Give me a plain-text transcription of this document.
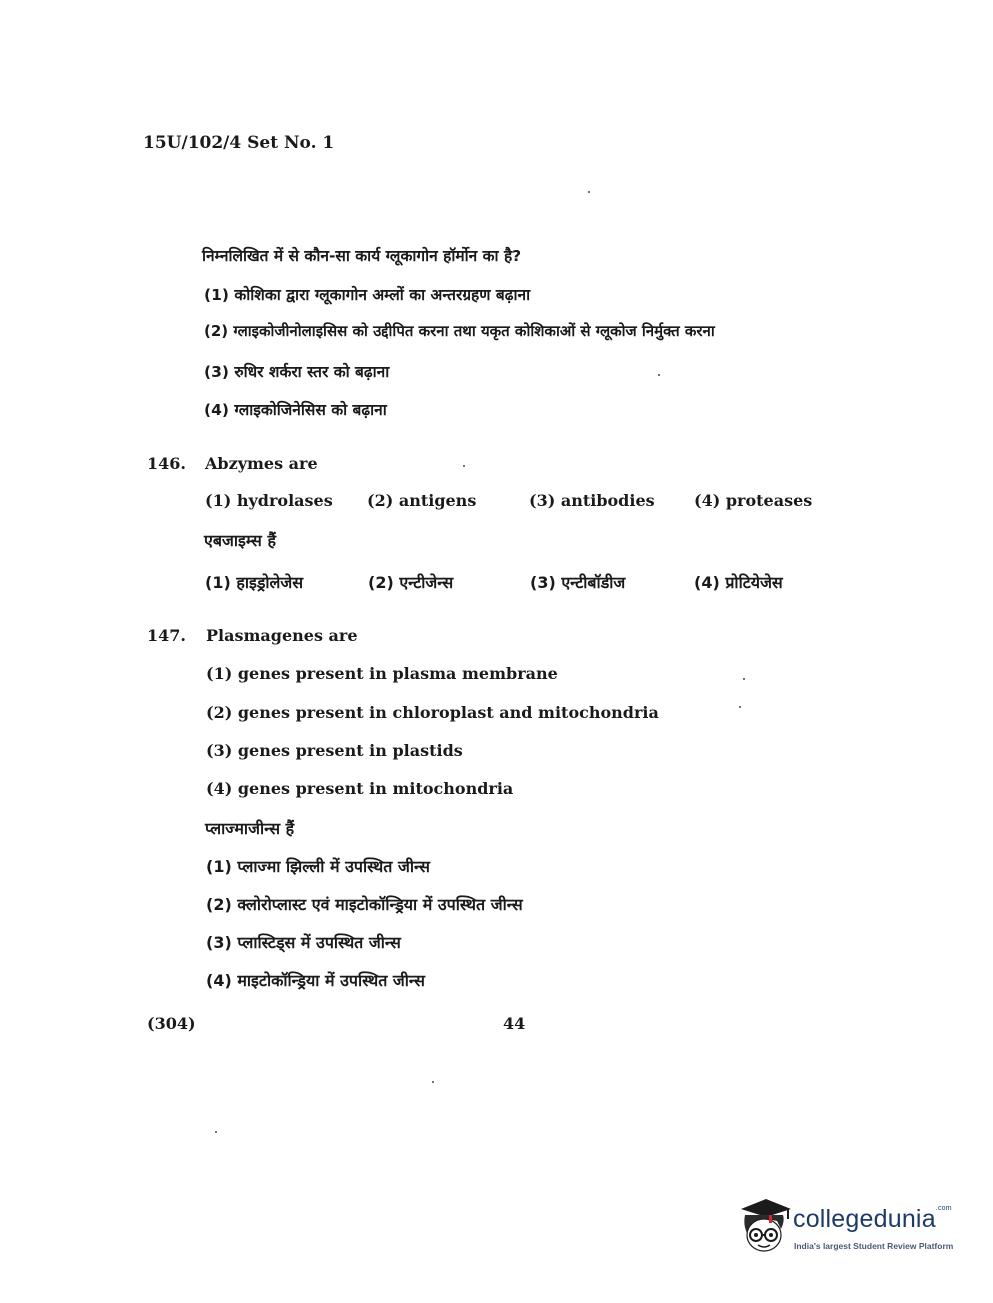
15U/102/4 Set No. 1
निम्नलिखित में से कौन-सा कार्य ग्लूकागोन हॉर्मोन का है?
(1) कोशिका द्वारा ग्लूकागोन अम्लों का अन्तरग्रहण बढ़ाना
(2) ग्लाइकोजीनोलाइसिस को उद्दीपित करना तथा यकृत कोशिकाओं से ग्लूकोज निर्मुक्त करना
(3) रुधिर शर्करा स्तर को बढ़ाना
(4) ग्लाइकोजिनेसिस को बढ़ाना
146. Abzymes are
(1) hydrolases (2) antigens	(3) antibodies (4) proteases
एबजाइम्स हैं
(1) हाइड्रोलेजेस	(2) एन्टीजेन्स	(3) एन्टीबॉडीज	(4) प्रोटियेजेस
147. Plasmagenes are
(1) genes present in plasma membrane
(2) genes present in chloroplast and mitochondria
(3) genes present in plastids
(4) genes present in mitochondria
प्लाज्माजीन्स हैं
(1) प्लाज्मा झिल्ली में उपस्थित जीन्स
(2) क्लोरोप्लास्ट एवं माइटोकॉन्ड्रिया में उपस्थित जीन्स
(3) प्लास्टिड्स में उपस्थित जीन्स
(4) माइटोकॉन्ड्रिया में उपस्थित जीन्स
(304)	44
collegedunia$^{.com}$
India's largest Student Review Platform
